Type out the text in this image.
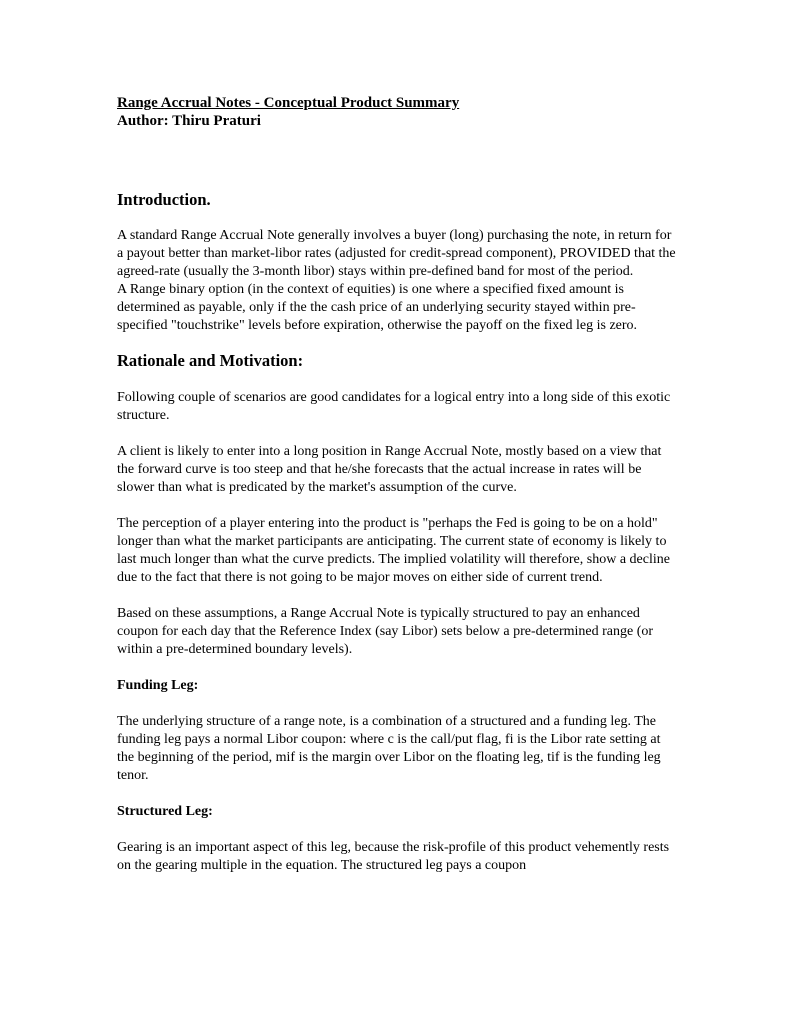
Range Accrual Notes - Conceptual Product Summary
Author: Thiru Praturi
Introduction.

A standard Range Accrual Note generally involves a buyer (long) purchasing the note, in return for a payout better than market-libor rates (adjusted for credit-spread component), PROVIDED that the agreed-rate (usually the 3-month libor) stays within pre-defined band for most of the period.

A Range binary option (in the context of equities) is one where a specified fixed amount is determined as payable, only if the the cash price of an underlying security stayed within pre-specified "touchstrike" levels before expiration, otherwise the payoff on the fixed leg is zero.

Rationale and Motivation:

Following couple of scenarios are good candidates for a logical entry into a long side of this exotic structure.

A client is likely to enter into a long position in Range Accrual Note, mostly based on a view that the forward curve is too steep and that he/she forecasts that the actual increase in rates will be slower than what is predicated by the market's assumption of the curve.

The perception of a player entering into the product is "perhaps the Fed is going to be on a hold" longer than what the market participants are anticipating. The current state of economy is likely to last much longer than what the curve predicts. The implied volatility will therefore, show a decline due to the fact that there is not going to be major moves on either side of current trend.

Based on these assumptions, a Range Accrual Note is typically structured to pay an enhanced coupon for each day that the Reference Index (say Libor) sets below a pre-determined range (or within a pre-determined boundary levels).

Funding Leg:

The underlying structure of a range note, is a combination of a structured and a funding leg. The funding leg pays a normal Libor coupon: where c is the call/put flag, fi is the Libor rate setting at the beginning of the period, mif is the margin over Libor on the floating leg, tif is the funding leg tenor.

Structured Leg:

Gearing is an important aspect of this leg, because the risk-profile of this product vehemently rests on the gearing multiple in the equation. The structured leg pays a coupon
